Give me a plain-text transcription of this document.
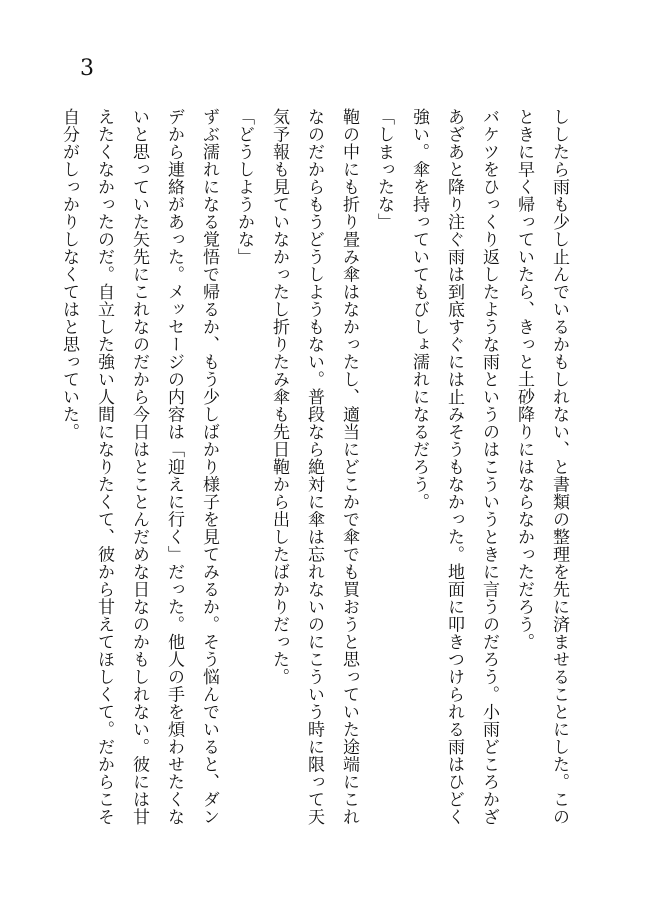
3

ししたら雨も少し止んでいるかもしれない、と書類の整理を先に済ませることにした。このときに早く帰っていたら、きっと土砂降りにはならなかっただろう。

バケツをひっくり返したような雨というのはこういうときに言うのだろう。小雨どころかざあざあと降り注ぐ雨は到底すぐには止みそうもなかった。地面に叩きつけられる雨はひどく強い。傘を持っていてもびしょ濡れになるだろう。

「しまったな」

鞄の中にも折り畳み傘はなかったし、適当にどこかで傘でも買おうと思っていた途端にこれなのだからもうどうしようもない。普段なら絶対に傘は忘れないのにこういう時に限って天気予報も見ていなかったし折りたみ傘も先日鞄から出したばかりだった。

「どうしようかな」

ずぶ濡れになる覚悟で帰るか、もう少しばかり様子を見てみるか。そう悩んでいると、ダンデから連絡があった。メッセージの内容は「迎えに行く」だった。他人の手を煩わせたくないと思っていた矢先にこれなのだから今日はとことんだめな日なのかもしれない。彼には甘えたくなかったのだ。自立した強い人間になりたくて、彼から甘えてほしくて。だからこそ自分がしっかりしなくてはと思っていた。
